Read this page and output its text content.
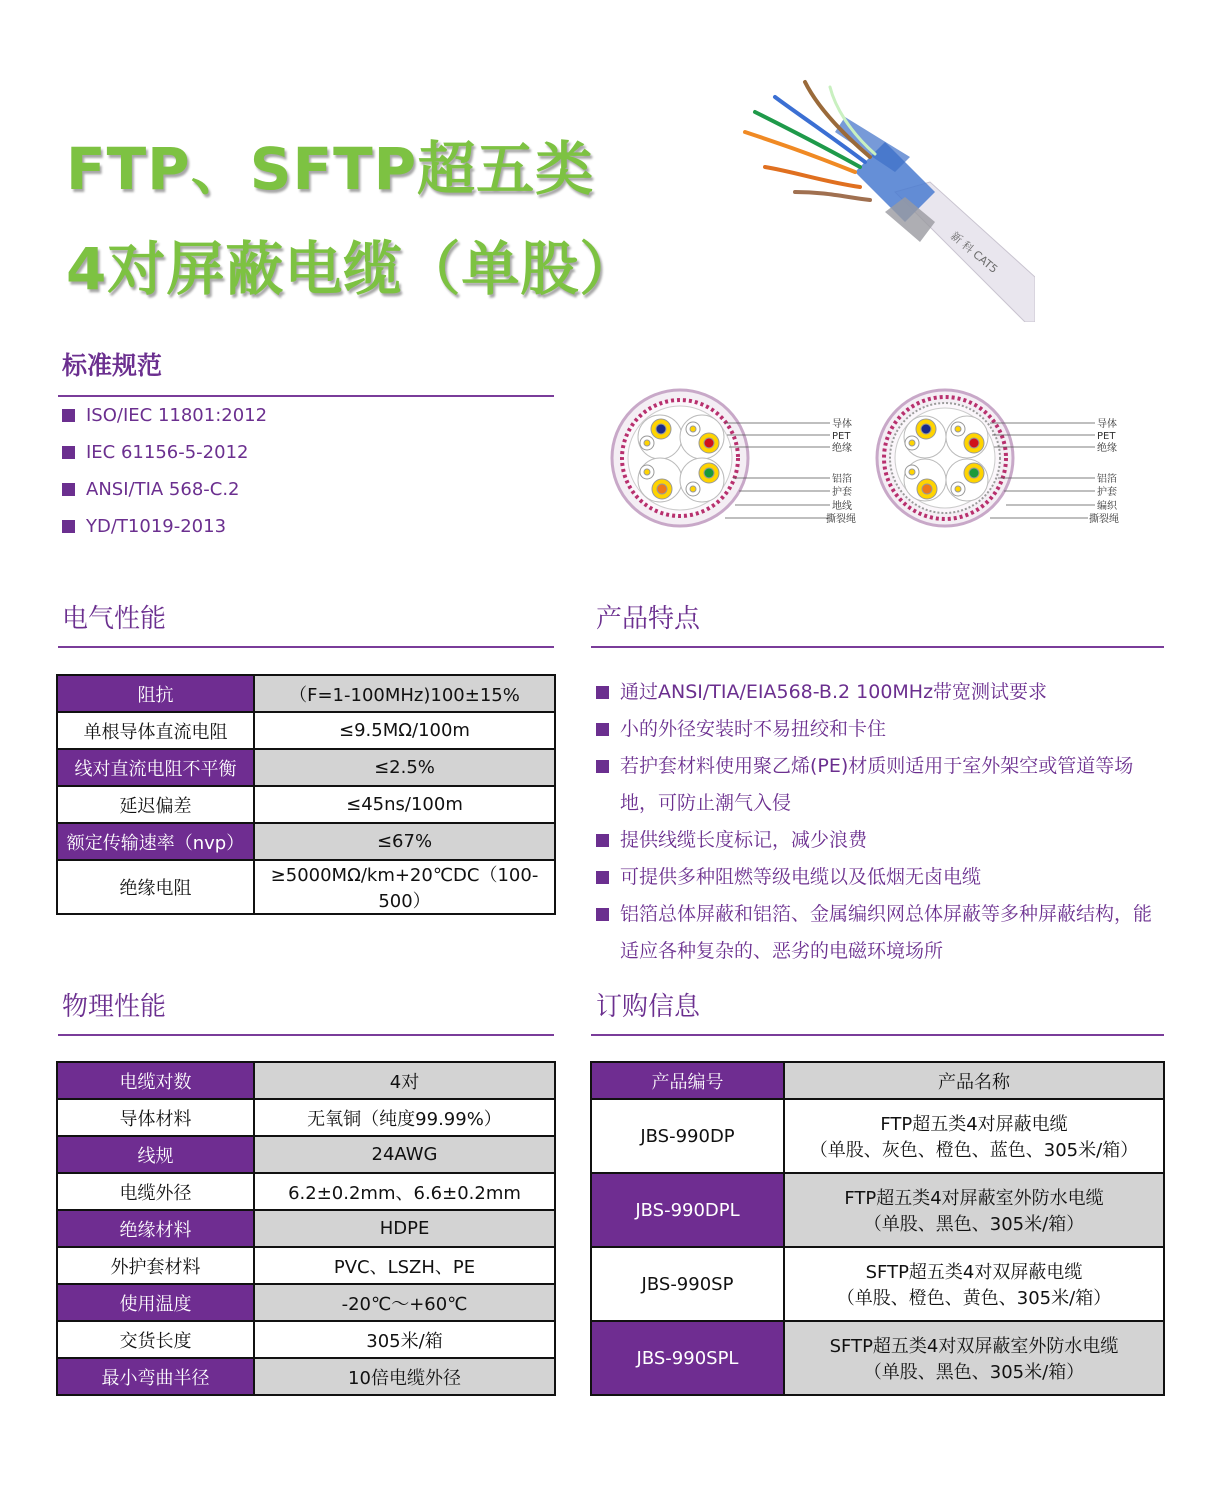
FTP、SFTP超五类
4对屏蔽电缆（单股）	新 科 CAT5
标准规范
ISO/IEC 11801:2012
IEC 61156-5-2012
ANSI/TIA 568-C.2
YD/T1019-2013
导体
PET
绝缘
铝箔
护套
地线
撕裂绳
导体
PET
绝缘
铝箔
护套
编织
撕裂绳
电气性能
阻抗	（F=1-100MHz)100±15%
单根导体直流电阻	≤9.5MΩ/100m
线对直流电阻不平衡	≤2.5%
延迟偏差	≤45ns/100m
额定传输速率（nvp）	≤67%
绝缘电阻	≥5000MΩ/km+20℃DC（100-500）
产品特点
通过ANSI/TIA/EIA568-B.2 100MHz带宽测试要求
小的外径安装时不易扭绞和卡住
若护套材料使用聚乙烯(PE)材质则适用于室外架空或管道等场地，可防止潮气入侵
提供线缆长度标记，减少浪费
可提供多种阻燃等级电缆以及低烟无卤电缆
铝箔总体屏蔽和铝箔、金属编织网总体屏蔽等多种屏蔽结构，能适应各种复杂的、恶劣的电磁环境场所
物理性能
电缆对数	4对
导体材料	无氧铜（纯度99.99%）
线规	24AWG
电缆外径	6.2±0.2mm、6.6±0.2mm
绝缘材料	HDPE
外护套材料	PVC、LSZH、PE
使用温度	-20℃～+60℃
交货长度	305米/箱
最小弯曲半径	10倍电缆外径
订购信息
产品编号	产品名称
JBS-990DP	FTP超五类4对屏蔽电缆
（单股、灰色、橙色、蓝色、305米/箱）

JBS-990DPL	FTP超五类4对屏蔽室外防水电缆
（单股、黑色、305米/箱）

JBS-990SP	SFTP超五类4对双屏蔽电缆
（单股、橙色、黄色、305米/箱）

JBS-990SPL	SFTP超五类4对双屏蔽室外防水电缆
（单股、黑色、305米/箱）
